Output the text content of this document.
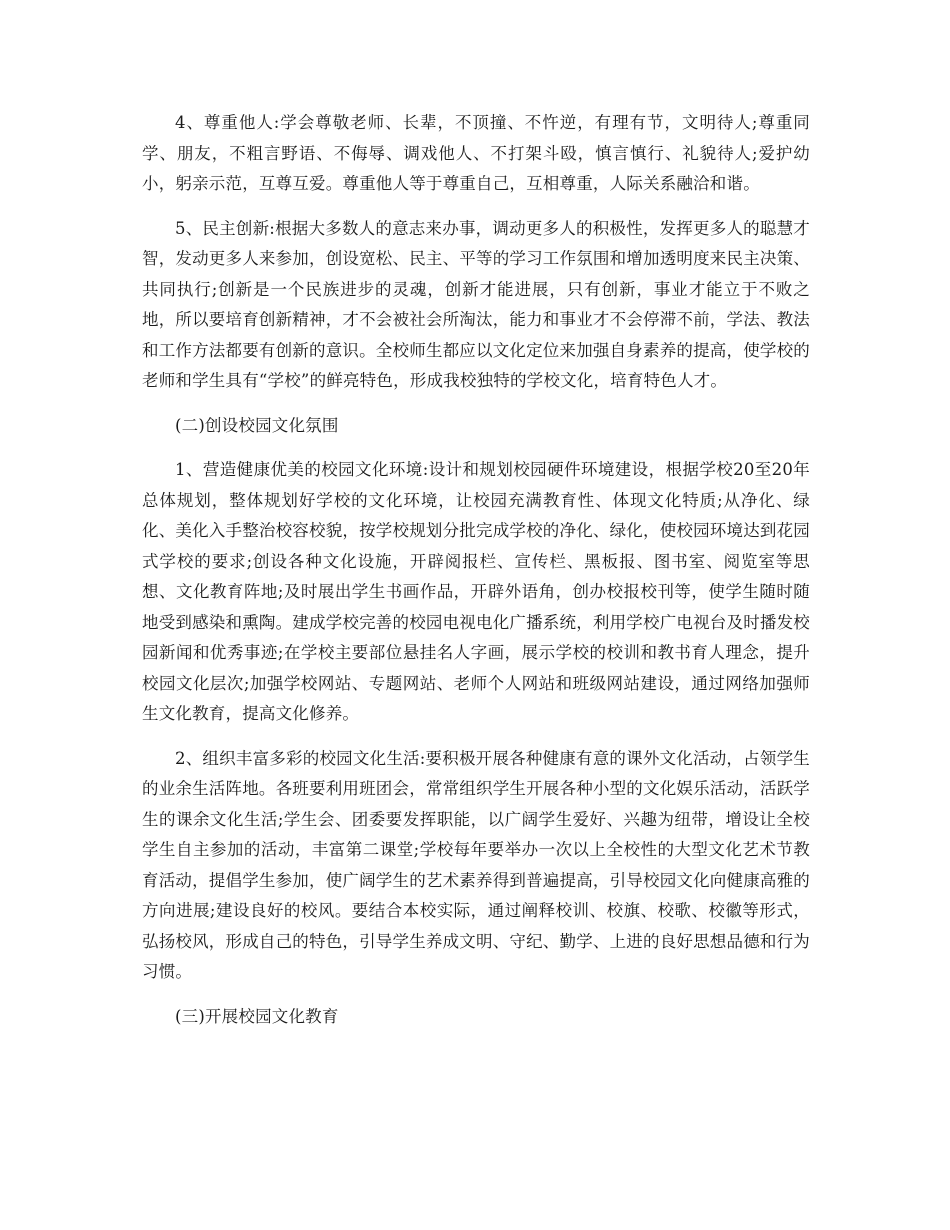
4、尊重他人:学会尊敬老师、长辈，不顶撞、不忤逆，有理有节，文明待人;尊重同学、朋友，不粗言野语、不侮辱、调戏他人、不打架斗殴，慎言慎行、礼貌待人;爱护幼小，躬亲示范，互尊互爱。尊重他人等于尊重自己，互相尊重，人际关系融洽和谐。

5、民主创新:根据大多数人的意志来办事，调动更多人的积极性，发挥更多人的聪慧才智，发动更多人来参加，创设宽松、民主、平等的学习工作氛围和增加透明度来民主决策、共同执行;创新是一个民族进步的灵魂，创新才能进展，只有创新，事业才能立于不败之地，所以要培育创新精神，才不会被社会所淘汰，能力和事业才不会停滞不前，学法、教法和工作方法都要有创新的意识。全校师生都应以文化定位来加强自身素养的提高，使学校的老师和学生具有“学校”的鲜亮特色，形成我校独特的学校文化，培育特色人才。

(二)创设校园文化氛围

1、营造健康优美的校园文化环境:设计和规划校园硬件环境建设，根据学校20至20年总体规划，整体规划好学校的文化环境，让校园充满教育性、体现文化特质;从净化、绿化、美化入手整治校容校貌，按学校规划分批完成学校的净化、绿化，使校园环境达到花园式学校的要求;创设各种文化设施，开辟阅报栏、宣传栏、黑板报、图书室、阅览室等思想、文化教育阵地;及时展出学生书画作品，开辟外语角，创办校报校刊等，使学生随时随地受到感染和熏陶。建成学校完善的校园电视电化广播系统，利用学校广电视台及时播发校园新闻和优秀事迹;在学校主要部位悬挂名人字画，展示学校的校训和教书育人理念，提升校园文化层次;加强学校网站、专题网站、老师个人网站和班级网站建设，通过网络加强师生文化教育，提高文化修养。

2、组织丰富多彩的校园文化生活:要积极开展各种健康有意的课外文化活动，占领学生的业余生活阵地。各班要利用班团会，常常组织学生开展各种小型的文化娱乐活动，活跃学生的课余文化生活;学生会、团委要发挥职能，以广阔学生爱好、兴趣为纽带，增设让全校学生自主参加的活动，丰富第二课堂;学校每年要举办一次以上全校性的大型文化艺术节教育活动，提倡学生参加，使广阔学生的艺术素养得到普遍提高，引导校园文化向健康高雅的方向进展;建设良好的校风。要结合本校实际，通过阐释校训、校旗、校歌、校徽等形式，弘扬校风，形成自己的特色，引导学生养成文明、守纪、勤学、上进的良好思想品德和行为习惯。

(三)开展校园文化教育
